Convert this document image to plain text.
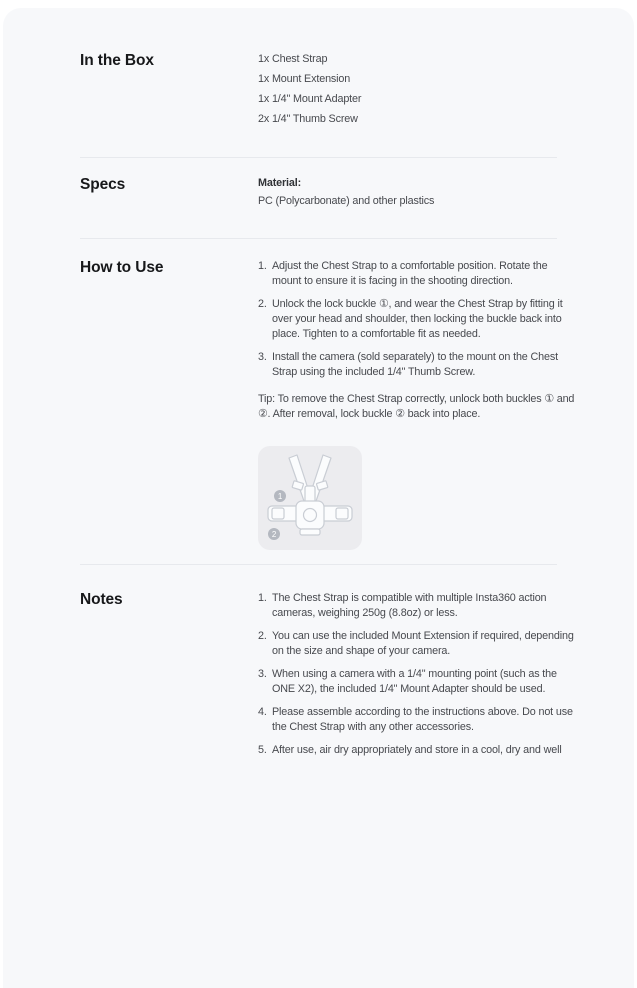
In the Box	1x Chest Strap
1x Mount Extension
1x 1/4" Mount Adapter
2x 1/4" Thumb Screw
Specs	Material:

PC (Polycarbonate) and other plastics

How to Use	1. Adjust the Chest Strap to a comfortable position. Rotate the mount to ensure it is facing in the shooting direction.
2. Unlock the lock buckle ①, and wear the Chest Strap by fitting it over your head and shoulder, then locking the buckle back into place. Tighten to a comfortable fit as needed.
3. Install the camera (sold separately) to the mount on the Chest Strap using the included 1/4" Thumb Screw.

Tip: To remove the Chest Strap correctly, unlock both buckles ① and ②. After removal, lock buckle ② back into place.

1
2
Notes	1. The Chest Strap is compatible with multiple Insta360 action cameras, weighing 250g (8.8oz) or less.
2. You can use the included Mount Extension if required, depending on the size and shape of your camera.
3. When using a camera with a 1/4" mounting point (such as the ONE X2), the included 1/4" Mount Adapter should be used.
4. Please assemble according to the instructions above. Do not use the Chest Strap with any other accessories.
5. After use, air dry appropriately and store in a cool, dry and well
